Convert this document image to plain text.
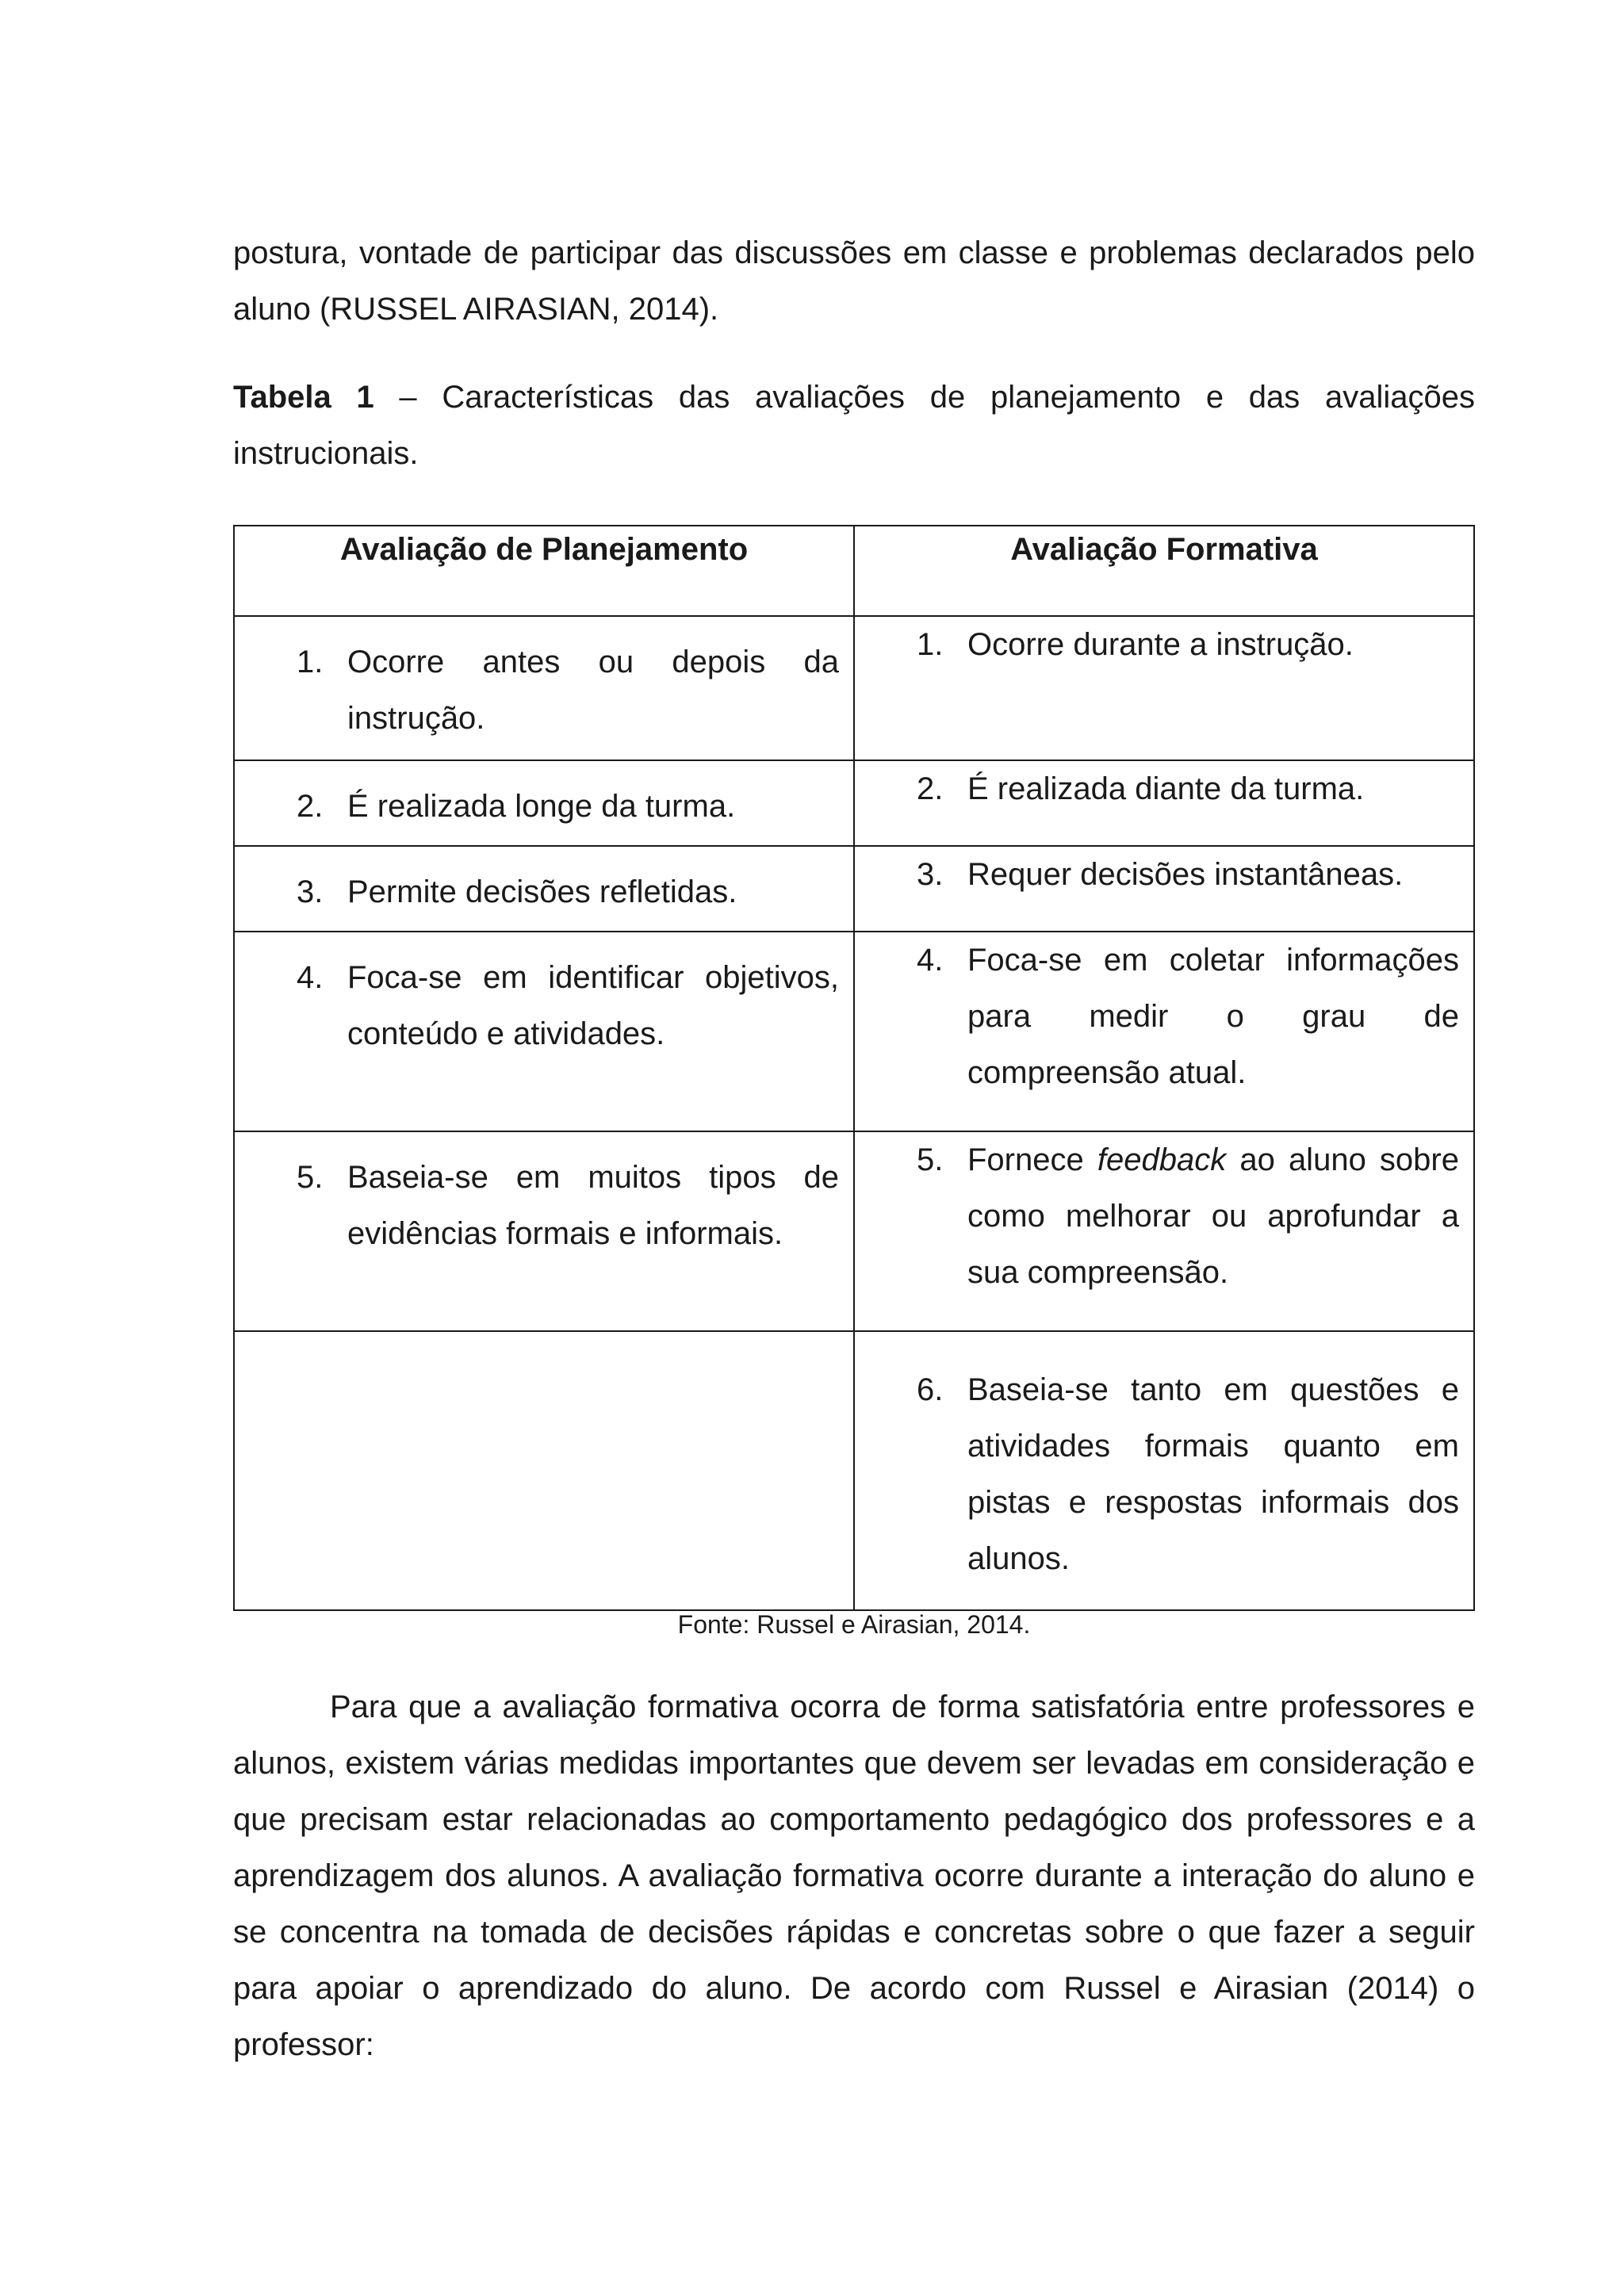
postura, vontade de participar das discussões em classe e problemas declarados pelo aluno (RUSSEL AIRASIAN, 2014).

Tabela 1 – Características das avaliações de planejamento e das avaliações instrucionais.

Avaliação de Planejamento	Avaliação Formativa

1. Ocorre antes ou depois da instrução.	1. Ocorre durante a instrução.

2. É realizada longe da turma.	2. É realizada diante da turma.

3. Permite decisões refletidas.	3. Requer decisões instantâneas.

4. Foca-se em identificar objetivos, conteúdo e atividades.	4. Foca-se em coletar informações para medir o grau de compreensão atual.

5. Baseia-se em muitos tipos de evidências formais e informais.	5. Fornece feedback ao aluno sobre como melhorar ou aprofundar a sua compreensão.

	6. Baseia-se tanto em questões e atividades formais quanto em pistas e respostas informais dos alunos.
Fonte: Russel e Airasian, 2014.

Para que a avaliação formativa ocorra de forma satisfatória entre professores e alunos, existem várias medidas importantes que devem ser levadas em consideração e que precisam estar relacionadas ao comportamento pedagógico dos professores e a aprendizagem dos alunos. A avaliação formativa ocorre durante a interação do aluno e se concentra na tomada de decisões rápidas e concretas sobre o que fazer a seguir para apoiar o aprendizado do aluno. De acordo com Russel e Airasian (2014) o professor:
